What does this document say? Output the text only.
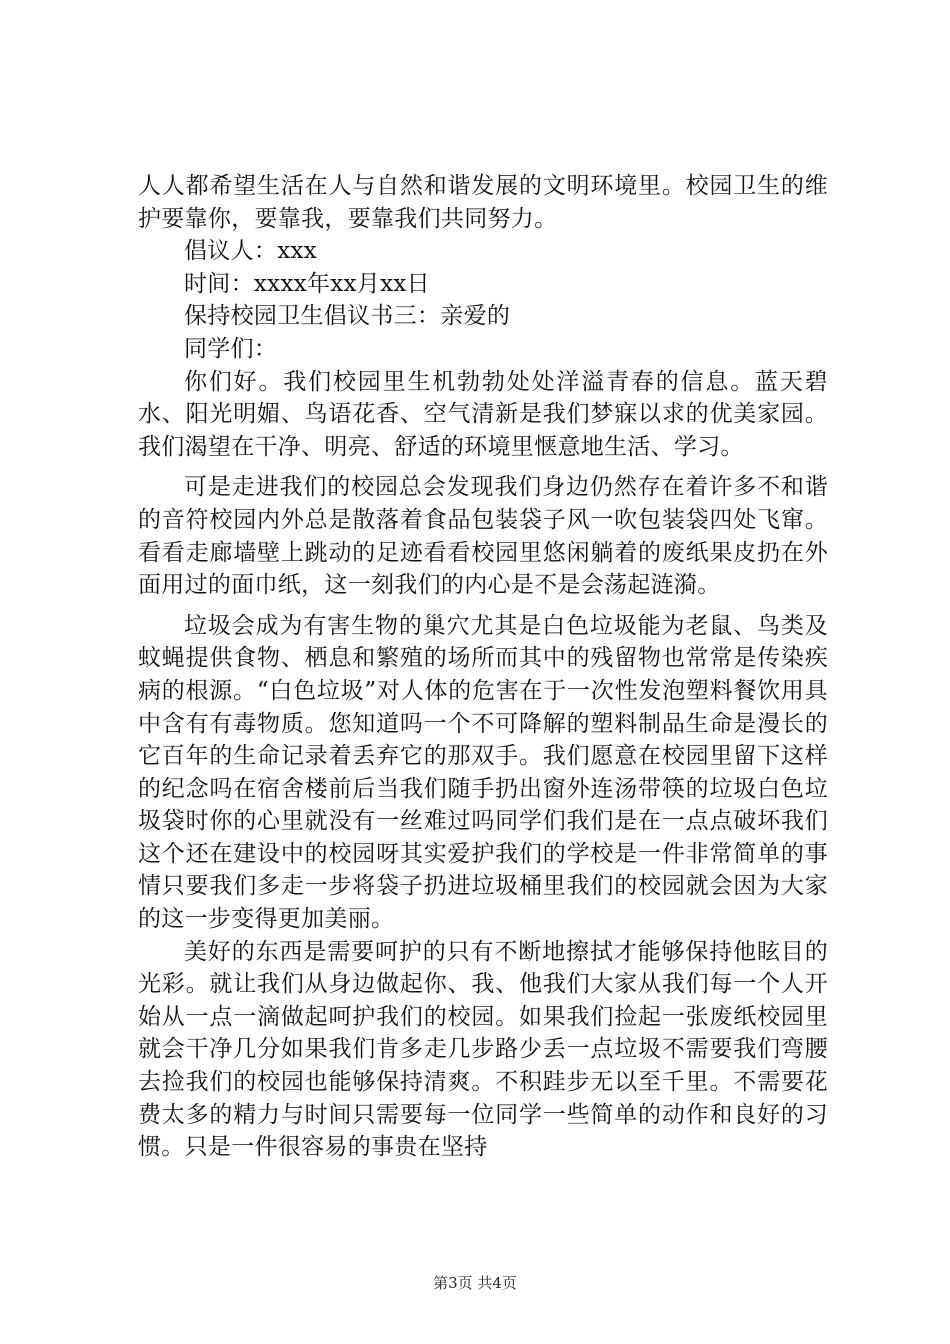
人人都希望生活在人与自然和谐发展的文明环境里。校园卫生的维护要靠你，要靠我，要靠我们共同努力。

倡议人：xxx

时间：xxxx年xx月xx日

保持校园卫生倡议书三：亲爱的

同学们：

你们好。我们校园里生机勃勃处处洋溢青春的信息。蓝天碧水、阳光明媚、鸟语花香、空气清新是我们梦寐以求的优美家园。我们渴望在干净、明亮、舒适的环境里惬意地生活、学习。

可是走进我们的校园总会发现我们身边仍然存在着许多不和谐的音符校园内外总是散落着食品包装袋子风一吹包装袋四处飞窜。看看走廊墙壁上跳动的足迹看看校园里悠闲躺着的废纸果皮扔在外面用过的面巾纸，这一刻我们的内心是不是会荡起涟漪。

垃圾会成为有害生物的巢穴尤其是白色垃圾能为老鼠、鸟类及蚊蝇提供食物、栖息和繁殖的场所而其中的残留物也常常是传染疾病的根源。“白色垃圾”对人体的危害在于一次性发泡塑料餐饮用具中含有有毒物质。您知道吗一个不可降解的塑料制品生命是漫长的它百年的生命记录着丢弃它的那双手。我们愿意在校园里留下这样的纪念吗在宿舍楼前后当我们随手扔出窗外连汤带筷的垃圾白色垃圾袋时你的心里就没有一丝难过吗同学们我们是在一点点破坏我们这个还在建设中的校园呀其实爱护我们的学校是一件非常简单的事情只要我们多走一步将袋子扔进垃圾桶里我们的校园就会因为大家的这一步变得更加美丽。

美好的东西是需要呵护的只有不断地擦拭才能够保持他眩目的光彩。就让我们从身边做起你、我、他我们大家从我们每一个人开始从一点一滴做起呵护我们的校园。如果我们捡起一张废纸校园里就会干净几分如果我们肯多走几步路少丢一点垃圾不需要我们弯腰去捡我们的校园也能够保持清爽。不积跬步无以至千里。不需要花费太多的精力与时间只需要每一位同学一些简单的动作和良好的习惯。只是一件很容易的事贵在坚持

第3页 共4页
